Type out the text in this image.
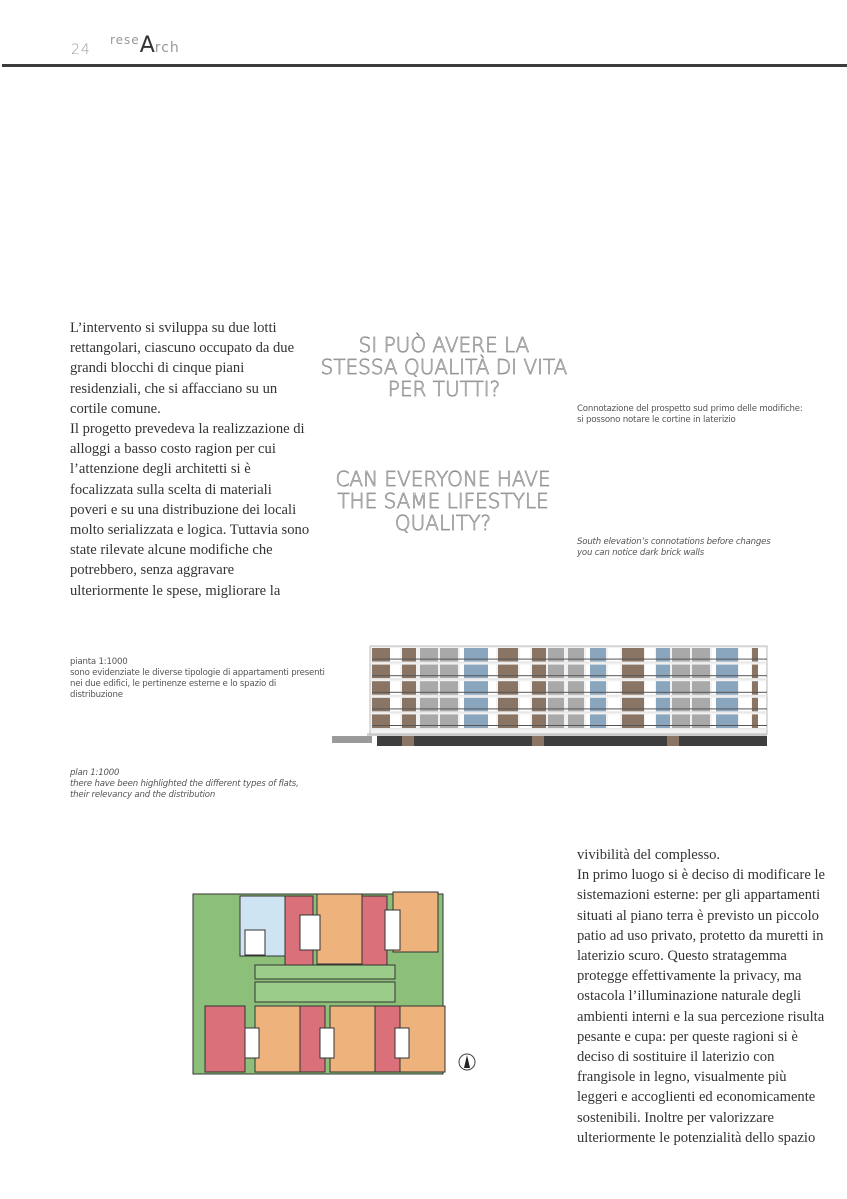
24
$^{rese}$Arch

L’intervento si sviluppa su due lotti rettangolari, ciascuno occupato da due grandi blocchi di cinque piani residenziali, che si affacciano su un cortile comune.

Il progetto prevedeva la realizzazione di alloggi a basso costo ragion per cui l’attenzione degli architetti si è focalizzata sulla scelta di materiali poveri e su una distribuzione dei locali molto serializzata e logica. Tuttavia sono state rilevate alcune modifiche che potrebbero, senza aggravare ulteriormente le spese, migliorare la

SI PUÒ AVERE LA STESSA QUALITÀ DI VITA PER TUTTI?
CAN EVERYONE HAVE THE SAME LIFESTYLE QUALITY?
Connotazione del prospetto sud primo delle modifiche:
si possono notare le cortine in laterizio
South elevation’s connotations before changes
you can notice dark brick walls
pianta 1:1000
sono evidenziate le diverse tipologie di appartamenti presenti nei due edifici, le pertinenze esterne e lo spazio di distribuzione
plan 1:1000
there have been highlighted the different types of flats, their relevancy and the distribution

vivibilità del complesso.

In primo luogo si è deciso di modificare le sistemazioni esterne: per gli appartamenti situati al piano terra è previsto un piccolo patio ad uso privato, protetto da muretti in laterizio scuro. Questo stratagemma protegge effettivamente la privacy, ma ostacola l’illuminazione naturale degli ambienti interni e la sua percezione risulta pesante e cupa: per queste ragioni si è deciso di sostituire il laterizio con frangisole in legno, visualmente più leggeri e accoglienti ed economicamente sostenibili. Inoltre per valorizzare ulteriormente le potenzialità dello spazio
